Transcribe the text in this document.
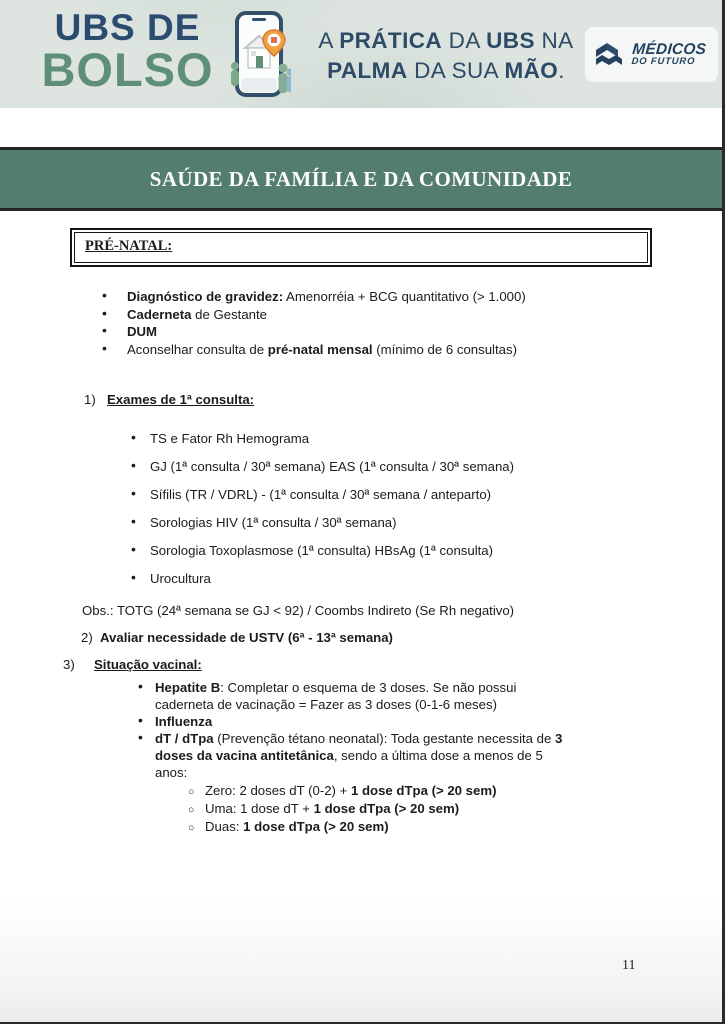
UBS DE
BOLSO
A PRÁTICA DA UBS NA
PALMA DA SUA MÃO.
MÉDICOS
DO FUTURO
SAÚDE DA FAMÍLIA E DA COMUNIDADE
PRÉ-NATAL:
• Diagnóstico de gravidez: Amenorréia + BCG quantitativo (> 1.000)
• Caderneta de Gestante
• DUM
• Aconselhar consulta de pré-natal mensal (mínimo de 6 consultas)
1) Exames de 1ª consulta:
• TS e Fator Rh Hemograma
• GJ (1ª consulta / 30ª semana) EAS (1ª consulta / 30ª semana)
• Sífilis (TR / VDRL) - (1ª consulta / 30ª semana / anteparto)
• Sorologias HIV (1ª consulta / 30ª semana)
• Sorologia Toxoplasmose (1ª consulta) HBsAg (1ª consulta)
• Urocultura

Obs.: TOTG (24ª semana se GJ < 92) / Coombs Indireto (Se Rh negativo)

2) Avaliar necessidade de USTV (6ª - 13ª semana)

3)	Situação vacinal:

• Hepatite B: Completar o esquema de 3 doses. Se não possui
caderneta de vacinação = Fazer as 3 doses (0-1-6 meses)
• Influenza
• dT / dTpa (Prevenção tétano neonatal): Toda gestante necessita de 3
doses da vacina antitetânica, sendo a última dose a menos de 5
anos:
○ Zero: 2 doses dT (0-2) + 1 dose dTpa (> 20 sem)
○ Uma: 1 dose dT + 1 dose dTpa (> 20 sem)
○ Duas: 1 dose dTpa (> 20 sem)
11
